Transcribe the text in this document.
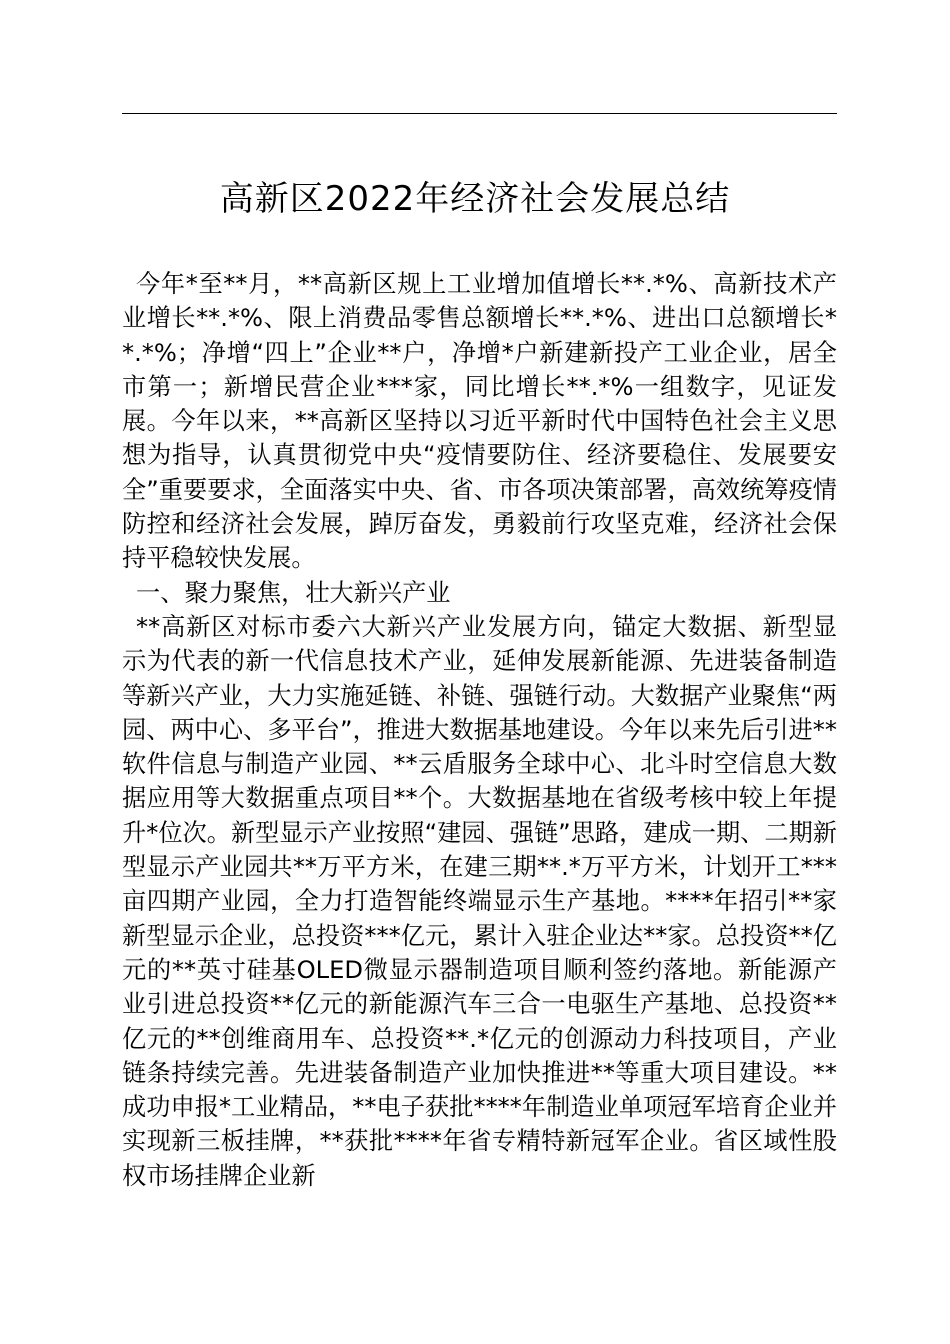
高新区2022年经济社会发展总结

今年*至**月，**高新区规上工业增加值增长**.*%、高新技术产业增长**.*%、限上消费品零售总额增长**.*%、进出口总额增长**.*%；净增“四上”企业**户，净增*户新建新投产工业企业，居全市第一；新增民营企业***家，同比增长**.*%一组数字，见证发展。今年以来，**高新区坚持以习近平新时代中国特色社会主义思想为指导，认真贯彻党中央“疫情要防住、经济要稳住、发展要安全”重要要求，全面落实中央、省、市各项决策部署，高效统筹疫情防控和经济社会发展，踔厉奋发，勇毅前行攻坚克难，经济社会保持平稳较快发展。

一、聚力聚焦，壮大新兴产业

**高新区对标市委六大新兴产业发展方向，锚定大数据、新型显示为代表的新一代信息技术产业，延伸发展新能源、先进装备制造等新兴产业，大力实施延链、补链、强链行动。大数据产业聚焦“两园、两中心、多平台”，推进大数据基地建设。今年以来先后引进**软件信息与制造产业园、**云盾服务全球中心、北斗时空信息大数据应用等大数据重点项目**个。大数据基地在省级考核中较上年提升*位次。新型显示产业按照“建园、强链”思路，建成一期、二期新型显示产业园共**万平方米，在建三期**.*万平方米，计划开工***亩四期产业园，全力打造智能终端显示生产基地。****年招引**家新型显示企业，总投资***亿元，累计入驻企业达**家。总投资**亿元的**英寸硅基OLED微显示器制造项目顺利签约落地。新能源产业引进总投资**亿元的新能源汽车三合一电驱生产基地、总投资**亿元的**创维商用车、总投资**.*亿元的创源动力科技项目，产业链条持续完善。先进装备制造产业加快推进**等重大项目建设。**成功申报*工业精品，**电子获批****年制造业单项冠军培育企业并实现新三板挂牌，**获批****年省专精特新冠军企业。省区域性股权市场挂牌企业新
